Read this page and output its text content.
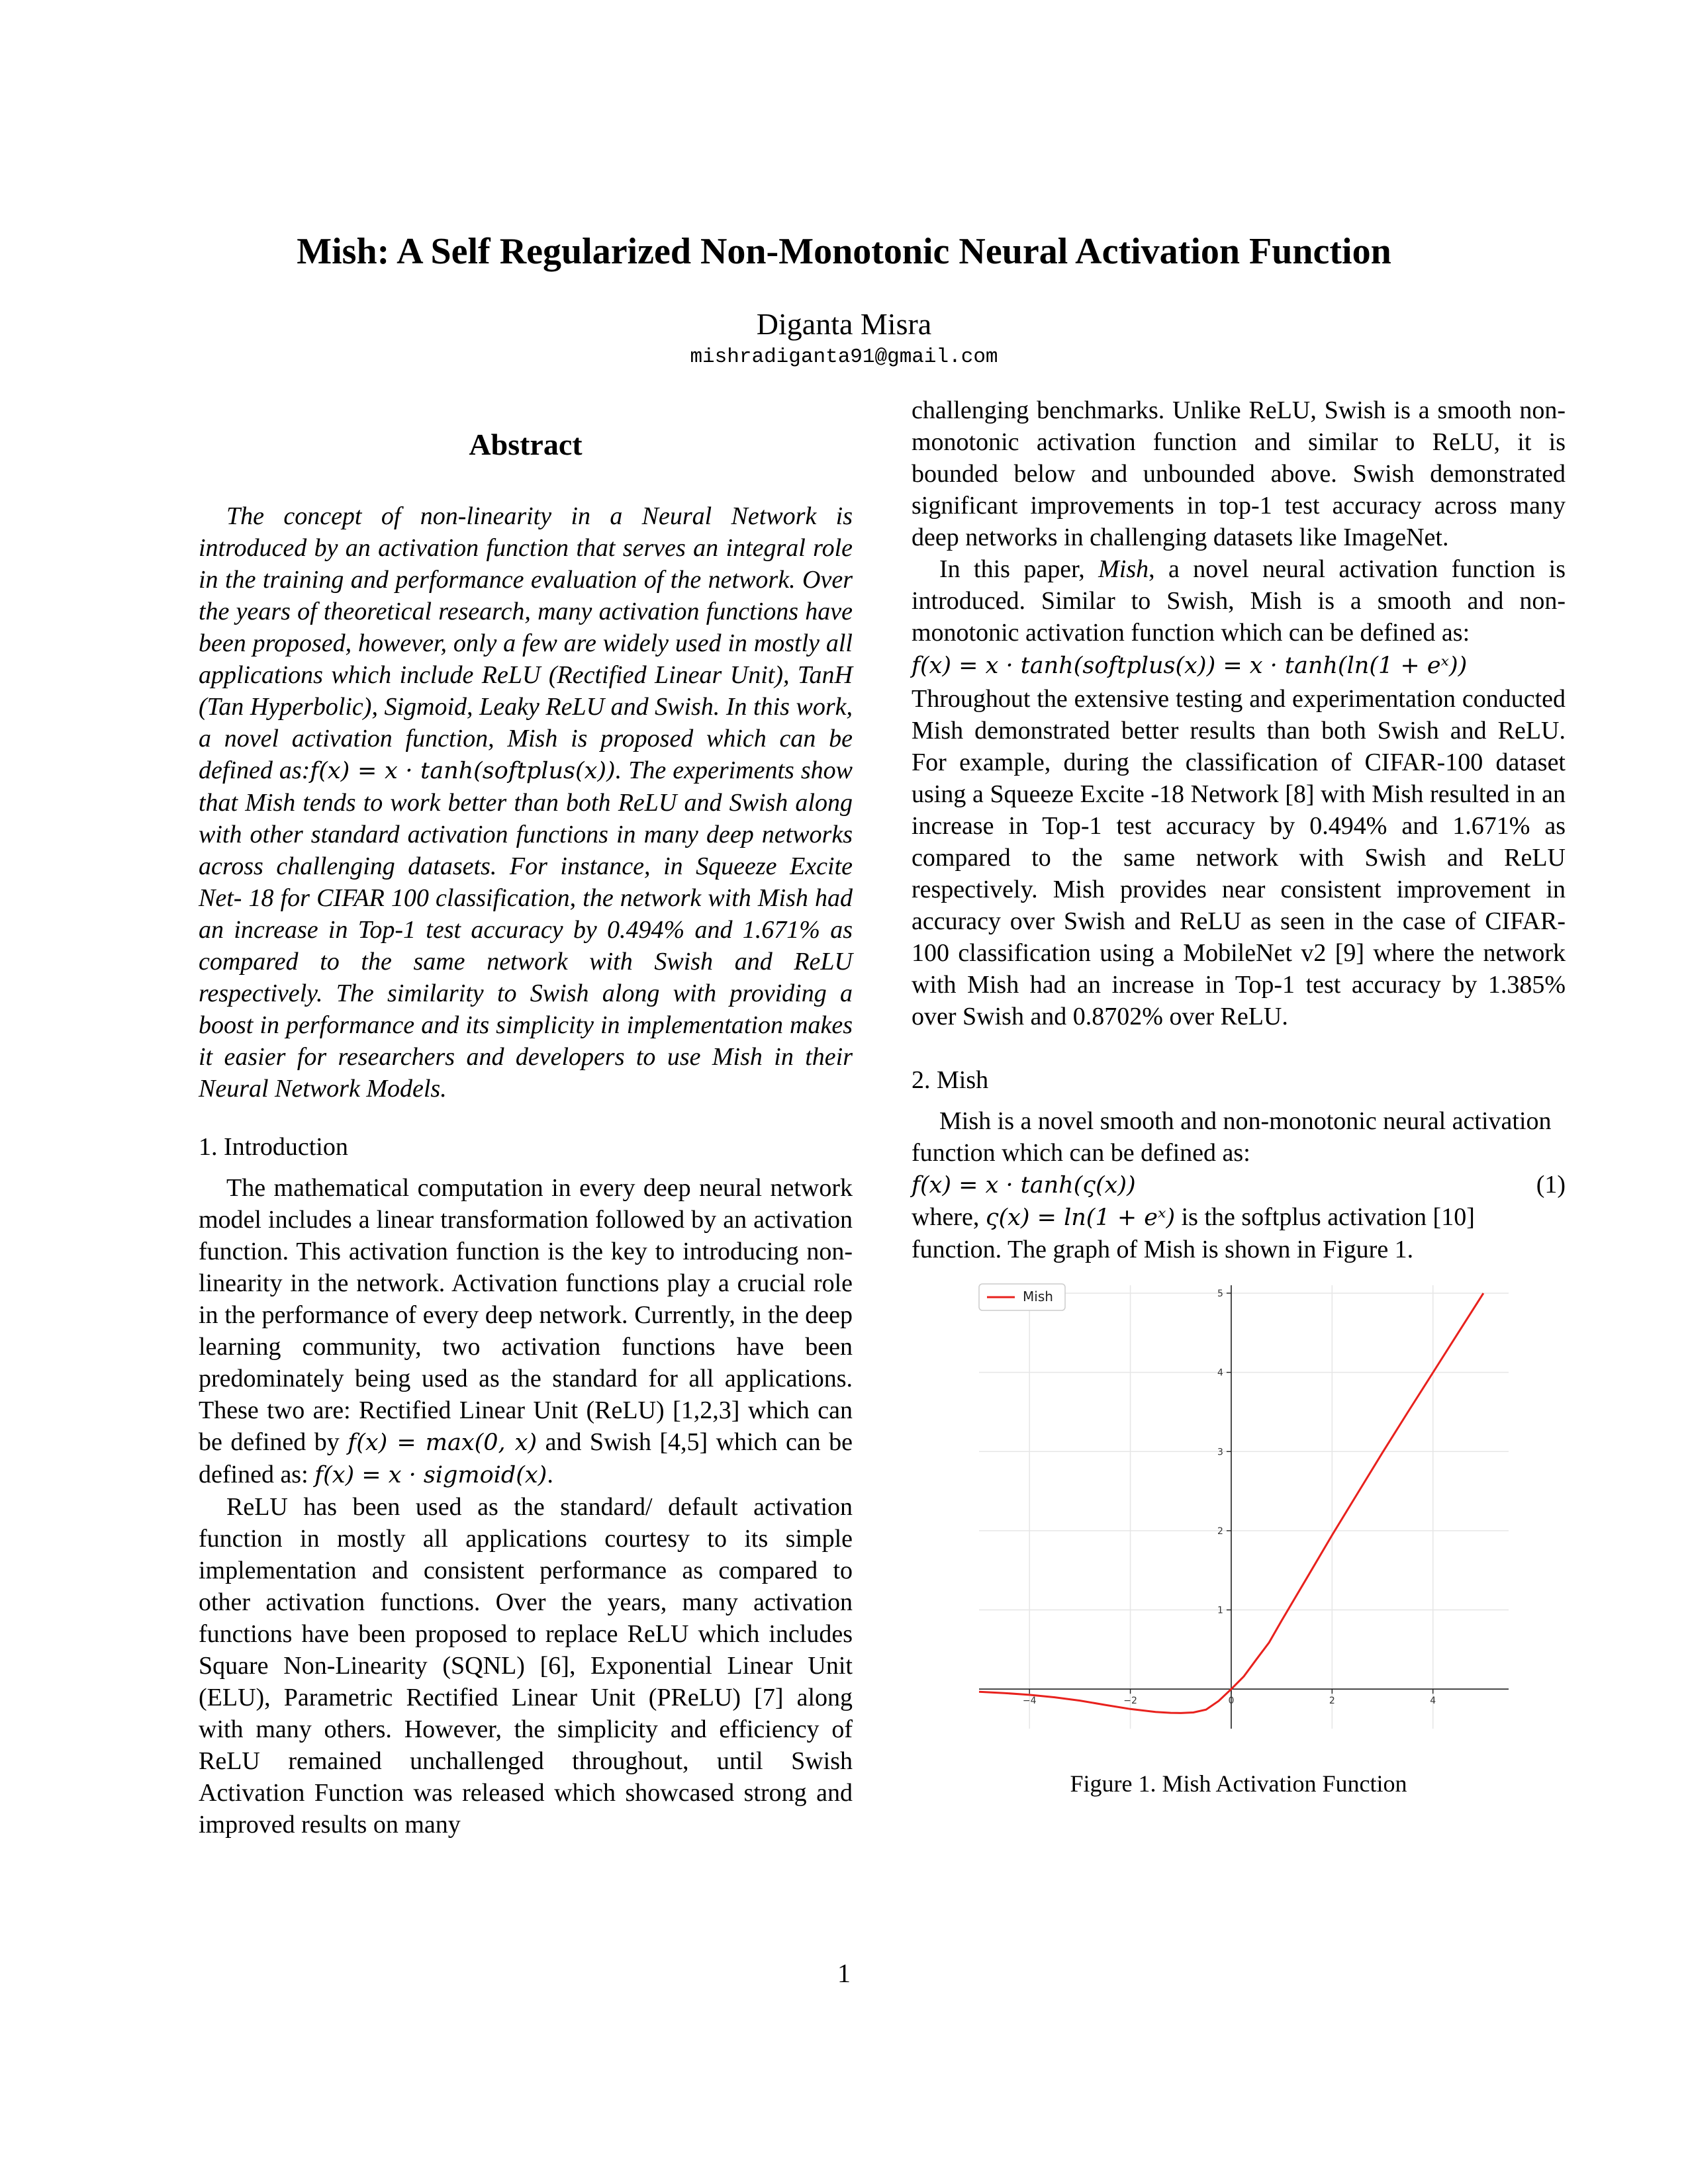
Mish: A Self Regularized Non-Monotonic Neural Activation Function
Diganta Misra
mishradiganta91@gmail.com
Abstract

The concept of non-linearity in a Neural Network is introduced by an activation function that serves an integral role in the training and performance evaluation of the network. Over the years of theoretical research, many activation functions have been proposed, however, only a few are widely used in mostly all applications which include ReLU (Rectified Linear Unit), TanH (Tan Hyperbolic), Sigmoid, Leaky ReLU and Swish. In this work, a novel activation function, Mish is proposed which can be defined as:f(x) = x · tanh(softplus(x)). The experiments show that Mish tends to work better than both ReLU and Swish along with other standard activation functions in many deep networks across challenging datasets. For instance, in Squeeze Excite Net- 18 for CIFAR 100 classification, the network with Mish had an increase in Top-1 test accuracy by 0.494% and 1.671% as compared to the same network with Swish and ReLU respectively. The similarity to Swish along with providing a boost in performance and its simplicity in implementation makes it easier for researchers and developers to use Mish in their Neural Network Models.

1. Introduction

The mathematical computation in every deep neural network model includes a linear transformation followed by an activation function. This activation function is the key to introducing non-linearity in the network. Activation functions play a crucial role in the performance of every deep network. Currently, in the deep learning community, two activation functions have been predominately being used as the standard for all applications. These two are: Rectified Linear Unit (ReLU) [1,2,3] which can be defined by f(x) = max(0, x) and Swish [4,5] which can be defined as: f(x) = x · sigmoid(x).

ReLU has been used as the standard/ default activation function in mostly all applications courtesy to its simple implementation and consistent performance as compared to other activation functions. Over the years, many activation functions have been proposed to replace ReLU which includes Square Non-Linearity (SQNL) [6], Exponential Linear Unit (ELU), Parametric Rectified Linear Unit (PReLU) [7] along with many others. However, the simplicity and efficiency of ReLU remained unchallenged throughout, until Swish Activation Function was released which showcased strong and improved results on many

challenging benchmarks. Unlike ReLU, Swish is a smooth non-monotonic activation function and similar to ReLU, it is bounded below and unbounded above. Swish demonstrated significant improvements in top-1 test accuracy across many deep networks in challenging datasets like ImageNet.

In this paper, Mish, a novel neural activation function is introduced. Similar to Swish, Mish is a smooth and non-monotonic activation function which can be defined as:

f(x) = x · tanh(softplus(x)) = x · tanh(ln(1 + eˣ))

Throughout the extensive testing and experimentation conducted Mish demonstrated better results than both Swish and ReLU. For example, during the classification of CIFAR-100 dataset using a Squeeze Excite -18 Network [8] with Mish resulted in an increase in Top-1 test accuracy by 0.494% and 1.671% as compared to the same network with Swish and ReLU respectively. Mish provides near consistent improvement in accuracy over Swish and ReLU as seen in the case of CIFAR-100 classification using a MobileNet v2 [9] where the network with Mish had an increase in Top-1 test accuracy by 1.385% over Swish and 0.8702% over ReLU.

2. Mish

Mish is a novel smooth and non-monotonic neural activation function which can be defined as:

f(x) = x · tanh(ς(x))	(1)

where, ς(x) = ln(1 + eˣ) is the softplus activation [10] function. The graph of Mish is shown in Figure 1.

−4	−2	0	2	4
1
2
3
4
5
Mish
Figure 1. Mish Activation Function
1
